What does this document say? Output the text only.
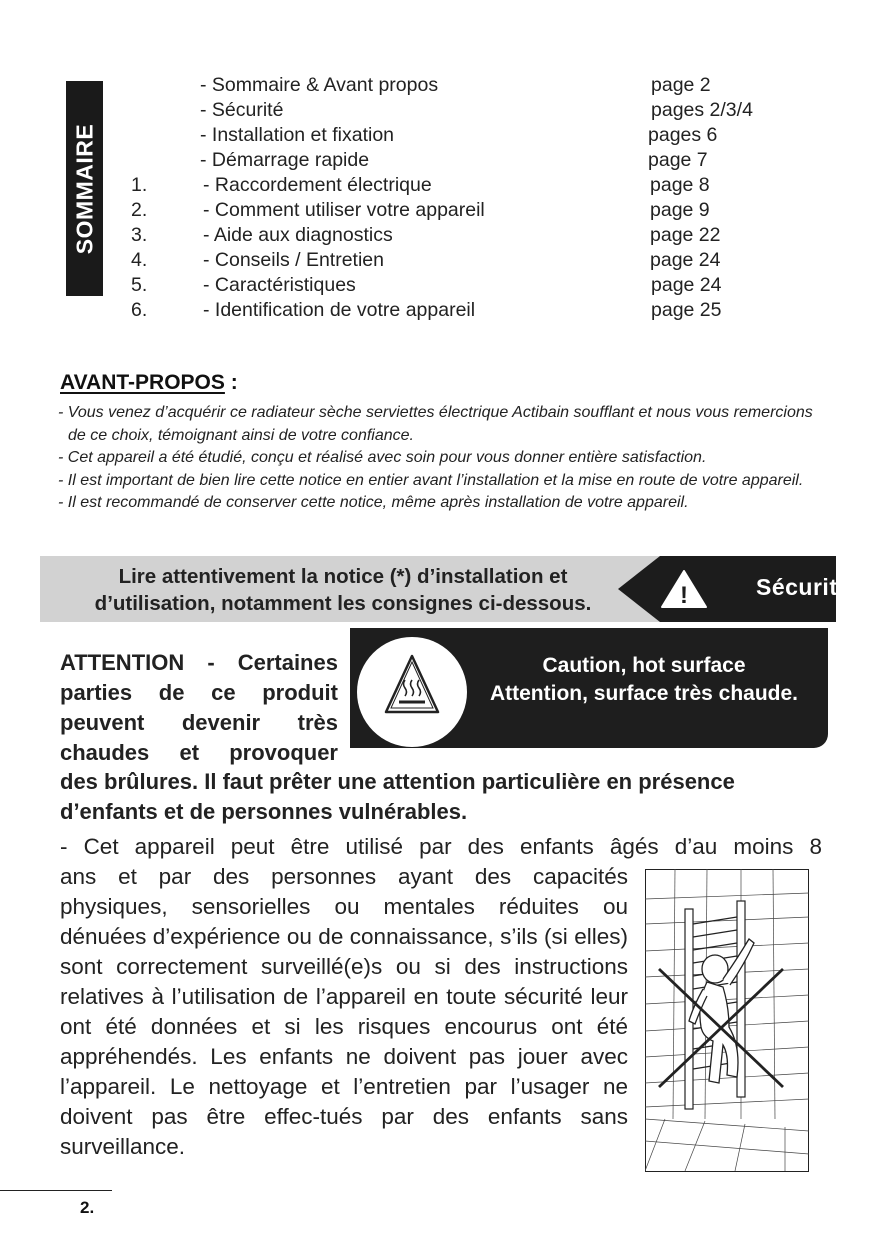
SOMMAIRE
- Sommaire & Avant propos	page 2
- Sécurité	pages 2/3/4
- Installation et fixation	pages 6
- Démarrage rapide	page 7
1.	- Raccordement électrique	page 8
2.	- Comment utiliser votre appareil	page 9
3.	- Aide aux diagnostics	page 22
4.	- Conseils / Entretien	page 24
5.	- Caractéristiques	page 24
6.	- Identification de votre appareil	page 25
AVANT-PROPOS :

- Vous venez d’acquérir ce radiateur sèche serviettes électrique Actibain soufflant et nous vous remercions de ce choix, témoignant ainsi de votre confiance.

- Cet appareil a été étudié, conçu et réalisé avec soin pour vous donner entière satisfaction.

- Il est important de bien lire cette notice en entier avant l’installation et la mise en route de votre appareil.

- Il est recommandé de conserver cette notice, même après installation de votre appareil.

Lire attentivement la notice (*) d’installation et
d’utilisation, notamment les consignes ci-dessous.	!	Sécurité
ATTENTION - Certaines
parties de ce produit
peuvent devenir très
chaudes et provoquer
des brûlures. Il faut prêter une attention particulière en présence d’enfants et de personnes vulnérables.
Caution, hot surface
Attention, surface très chaude.
- Cet appareil peut être utilisé par des enfants âgés d’au moins 8
ans et par des personnes ayant des capacités physiques, sensorielles ou mentales réduites ou dénuées d’expérience ou de connaissance, s’ils (si elles) sont correctement surveillé(e)s ou si des instructions relatives à l’utilisation de l’appareil en toute sécurité leur ont été données et si les risques encourus ont été appréhendés. Les enfants ne doivent pas jouer avec l’appareil. Le nettoyage et l’entretien par l’usager ne doivent pas être effec-tués par des enfants sans surveillance.
2.
